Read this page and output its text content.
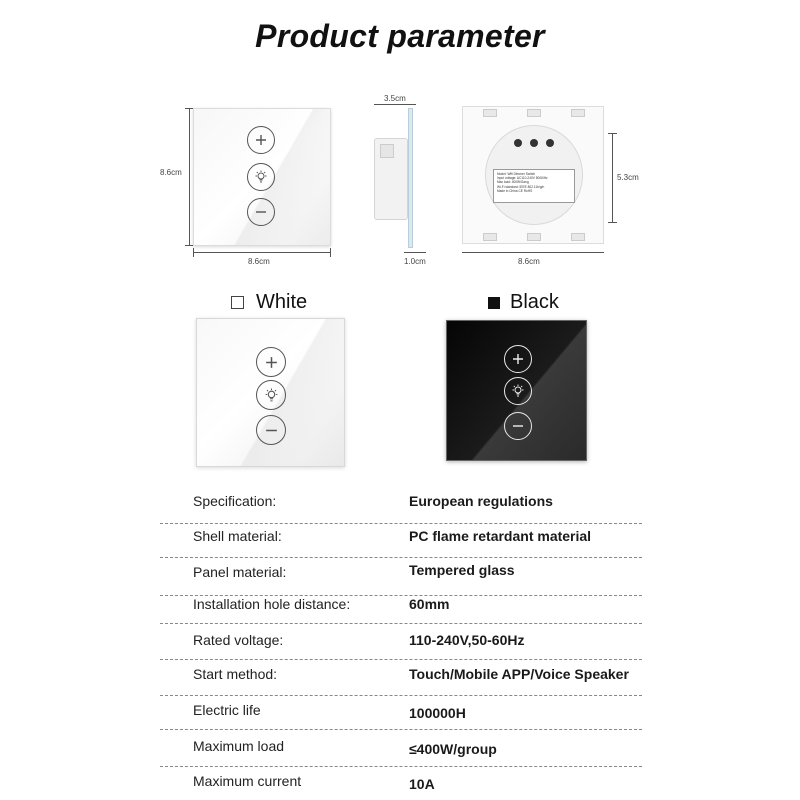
Product parameter
8.6cm
8.6cm
3.5cm
1.0cm
Model: Wifi Dimmer Switch
Input voltage: AC110-240V 50/60Hz
Max load: 400W/Gang
Wi-Fi standard: IEEE 802.11b/g/n
Made in China CE RoHS
5.3cm
8.6cm
White	Black
Specification:	European regulations
Shell material:	PC flame retardant material
Panel material:	Tempered glass
Installation hole distance:	60mm
Rated voltage:	110-240V,50-60Hz
Start method:	Touch/Mobile APP/Voice Speaker
Electric life	100000H
Maximum load	≤400W/group
Maximum current	10A
